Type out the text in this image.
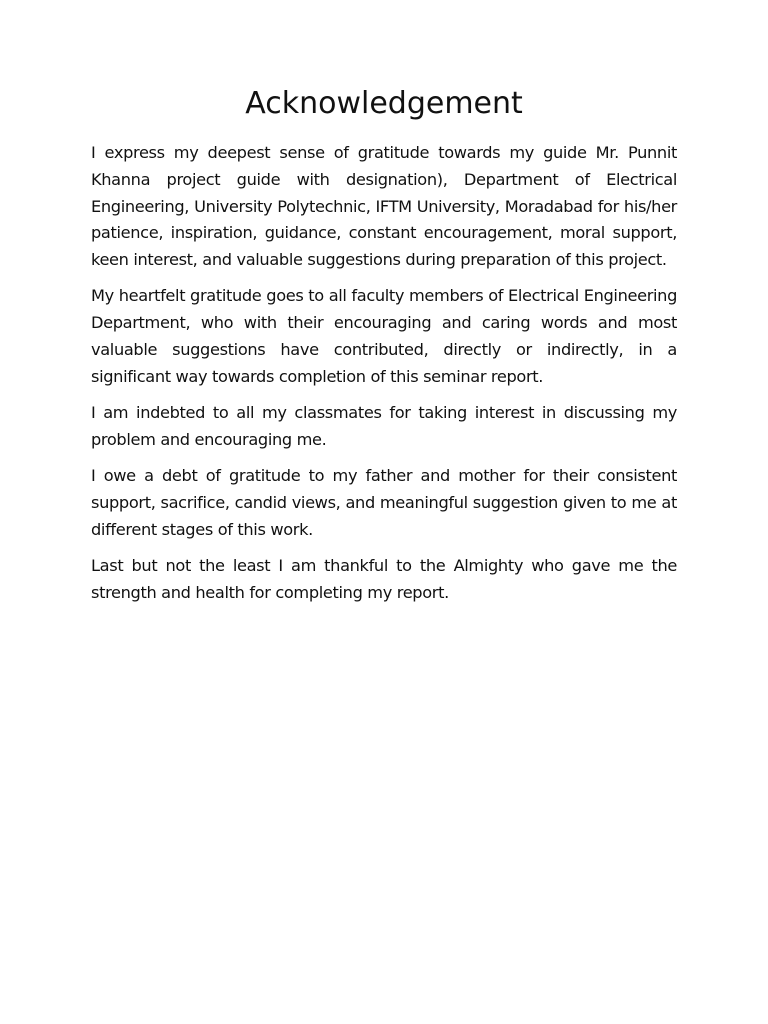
Acknowledgement

I express my deepest sense of gratitude towards my guide Mr. Punnit Khanna project guide with designation), Department of Electrical Engineering, University Polytechnic, IFTM University, Moradabad for his/her patience, inspiration, guidance, constant encouragement, moral support, keen interest, and valuable suggestions during preparation of this project.

My heartfelt gratitude goes to all faculty members of Electrical Engineering Department, who with their encouraging and caring words and most valuable suggestions have contributed, directly or indirectly, in a significant way towards completion of this seminar report.

I am indebted to all my classmates for taking interest in discussing my problem and encouraging me.

I owe a debt of gratitude to my father and mother for their consistent support, sacrifice, candid views, and meaningful suggestion given to me at different stages of this work.

Last but not the least I am thankful to the Almighty who gave me the strength and health for completing my report.
